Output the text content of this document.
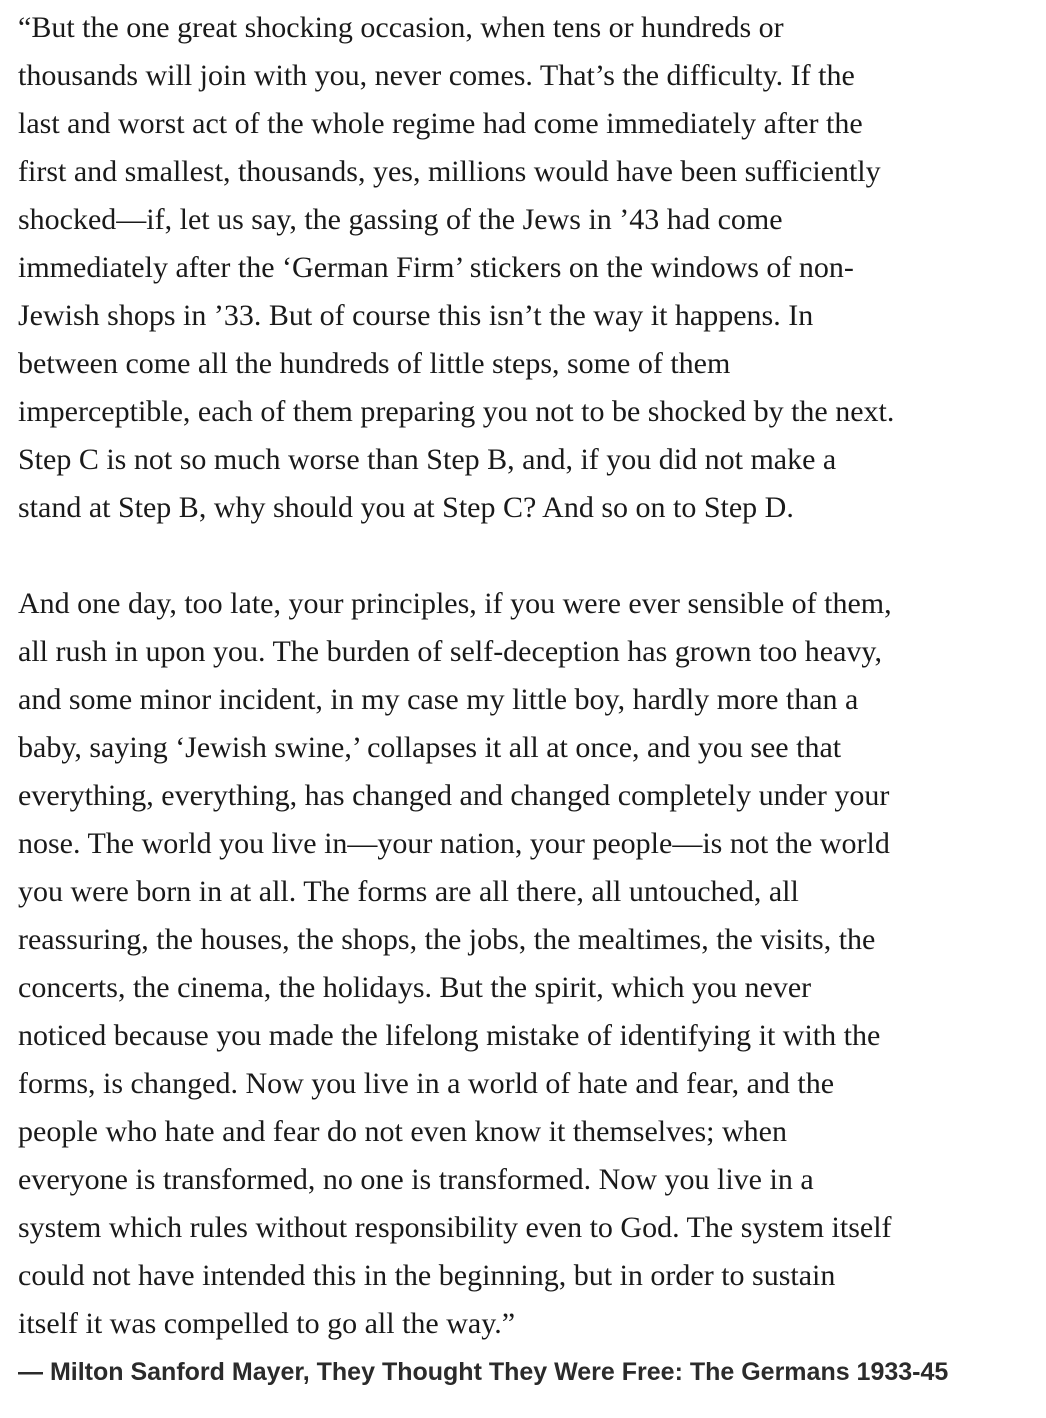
“But the one great shocking occasion, when tens or hundreds or
thousands will join with you, never comes. That’s the difficulty. If the
last and worst act of the whole regime had come immediately after the
first and smallest, thousands, yes, millions would have been sufficiently
shocked—if, let us say, the gassing of the Jews in ’43 had come
immediately after the ‘German Firm’ stickers on the windows of non-
Jewish shops in ’33. But of course this isn’t the way it happens. In
between come all the hundreds of little steps, some of them
imperceptible, each of them preparing you not to be shocked by the next.
Step C is not so much worse than Step B, and, if you did not make a
stand at Step B, why should you at Step C? And so on to Step D.

And one day, too late, your principles, if you were ever sensible of them,
all rush in upon you. The burden of self-deception has grown too heavy,
and some minor incident, in my case my little boy, hardly more than a
baby, saying ‘Jewish swine,’ collapses it all at once, and you see that
everything, everything, has changed and changed completely under your
nose. The world you live in—your nation, your people—is not the world
you were born in at all. The forms are all there, all untouched, all
reassuring, the houses, the shops, the jobs, the mealtimes, the visits, the
concerts, the cinema, the holidays. But the spirit, which you never
noticed because you made the lifelong mistake of identifying it with the
forms, is changed. Now you live in a world of hate and fear, and the
people who hate and fear do not even know it themselves; when
everyone is transformed, no one is transformed. Now you live in a
system which rules without responsibility even to God. The system itself
could not have intended this in the beginning, but in order to sustain
itself it was compelled to go all the way.”

― Milton Sanford Mayer, They Thought They Were Free: The Germans 1933-45
